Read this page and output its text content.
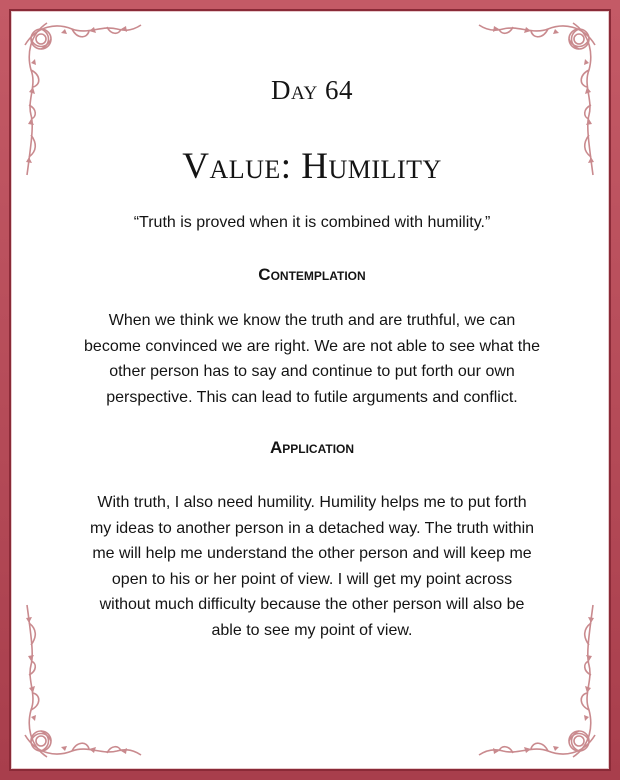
Day 64
Value: Humility
“Truth is proved when it is combined with humility.”
Contemplation
When we think we know the truth and are truthful, we can
become convinced we are right. We are not able to see what the
other person has to say and continue to put forth our own
perspective. This can lead to futile arguments and conflict.
Application
With truth, I also need humility. Humility helps me to put forth
my ideas to another person in a detached way. The truth within
me will help me understand the other person and will keep me
open to his or her point of view. I will get my point across
without much difficulty because the other person will also be
able to see my point of view.
